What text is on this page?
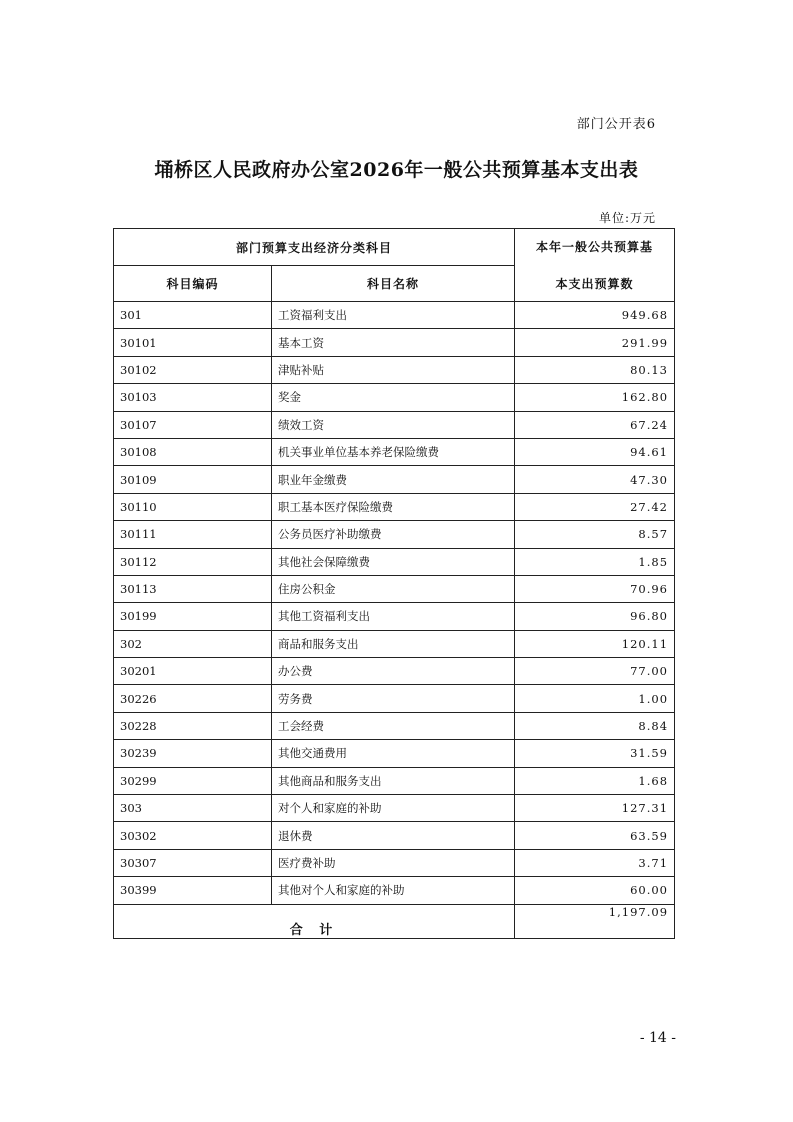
部门公开表6
埇桥区人民政府办公室2026年一般公共预算基本支出表
单位:万元
部门预算支出经济分类科目		本年一般公共预算基
本支出预算数

科目编码	科目名称	
301	工资福利支出	949.68
30101	基本工资	291.99
30102	津贴补贴	80.13
30103	奖金	162.80
30107	绩效工资	67.24
30108	机关事业单位基本养老保险缴费	94.61
30109	职业年金缴费	47.30
30110	职工基本医疗保险缴费	27.42
30111	公务员医疗补助缴费	8.57
30112	其他社会保障缴费	1.85
30113	住房公积金	70.96
30199	其他工资福利支出	96.80
302	商品和服务支出	120.11
30201	办公费	77.00
30226	劳务费	1.00
30228	工会经费	8.84
30239	其他交通费用	31.59
30299	其他商品和服务支出	1.68
303	对个人和家庭的补助	127.31
30302	退休费	63.59
30307	医疗费补助	3.71
30399	其他对个人和家庭的补助	60.00
合 计		1,197.09
- 14 -
